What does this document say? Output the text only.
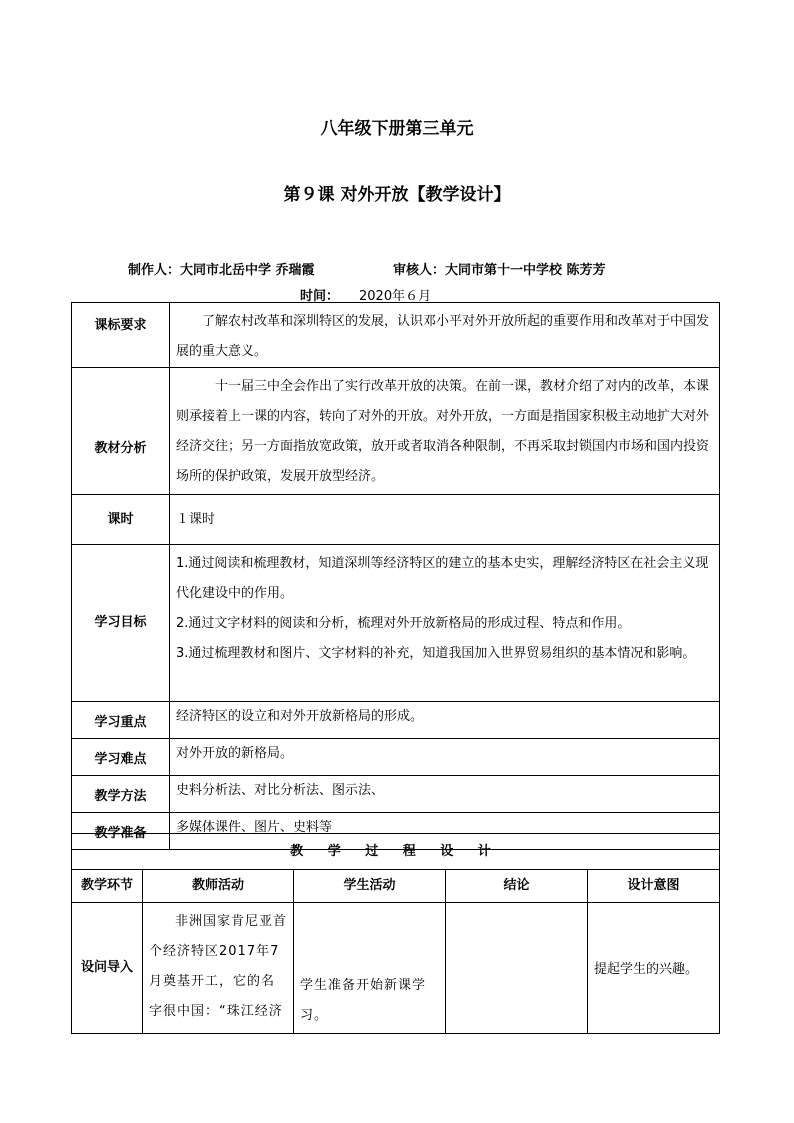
八年级下册第三单元
第９课 对外开放【教学设计】
制作人：大同市北岳中学 乔瑞霞	审核人：大同市第十一中学校 陈芳芳
时间： 2020年６月
课标要求	了解农村改革和深圳特区的发展，认识邓小平对外开放所起的重要作用和改革对于中国发展的重大意义。
教材分析	十一届三中全会作出了实行改革开放的决策。在前一课，教材介绍了对内的改革，本课则承接着上一课的内容，转向了对外的开放。对外开放，一方面是指国家积极主动地扩大对外经济交往；另一方面指放宽政策，放开或者取消各种限制，不再采取封锁国内市场和国内投资场所的保护政策，发展开放型经济。
课时	１课时
学习目标	1.通过阅读和梳理教材，知道深圳等经济特区的建立的基本史实，理解经济特区在社会主义现代化建设中的作用。
2.通过文字材料的阅读和分析，梳理对外开放新格局的形成过程、特点和作用。
3.通过梳理教材和图片、文字材料的补充，知道我国加入世界贸易组织的基本情况和影响。

学习重点	经济特区的设立和对外开放新格局的形成。
学习难点	对外开放的新格局。
教学方法	史料分析法、对比分析法、图示法、
教学准备	多媒体课件、图片、史料等
教 学 过 程 设 计				
教学环节	教师活动	学生活动	结论	设计意图
设问导入	非洲国家肯尼亚首个经济特区2017年7月奠基开工，它的名字很中国：“珠江经济	学生准备开始新课学习。		提起学生的兴趣。
